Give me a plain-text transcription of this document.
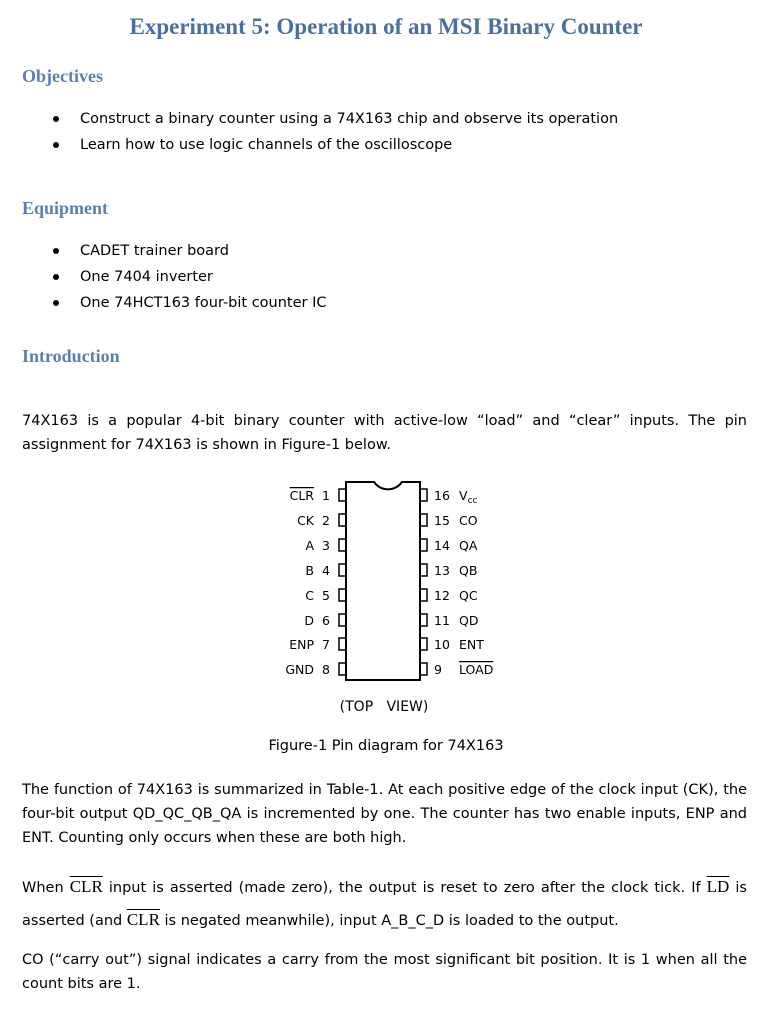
Experiment 5: Operation of an MSI Binary Counter
Objectives
Construct a binary counter using a 74X163 chip and observe its operation
Learn how to use logic channels of the oscilloscope
Equipment
CADET trainer board
One 7404 inverter
One 74HCT163 four-bit counter IC
Introduction

74X163 is a popular 4-bit binary counter with active-low “load” and “clear” inputs. The pin assignment for 74X163 is shown in Figure-1 below.

CLR 1
CK 2
A 3
B 4
C 5
D 6
ENP 7
GND 8
16 $V_{cc}$
15 CO
14 QA
13 QB
12 QC
11 QD
10 ENT
9 LOAD
(TOP   VIEW)

Figure-1 Pin diagram for 74X163

The function of 74X163 is summarized in Table-1. At each positive edge of the clock input (CK), the four-bit output QD_QC_QB_QA is incremented by one. The counter has two enable inputs, ENP and ENT. Counting only occurs when these are both high.

When $\overline{CLR}$ input is asserted (made zero), the output is reset to zero after the clock tick. If $\overline{LD}$ is asserted (and $\overline{CLR}$ is negated meanwhile), input A_B_C_D is loaded to the output.

CO (“carry out”) signal indicates a carry from the most significant bit position. It is 1 when all the count bits are 1.
